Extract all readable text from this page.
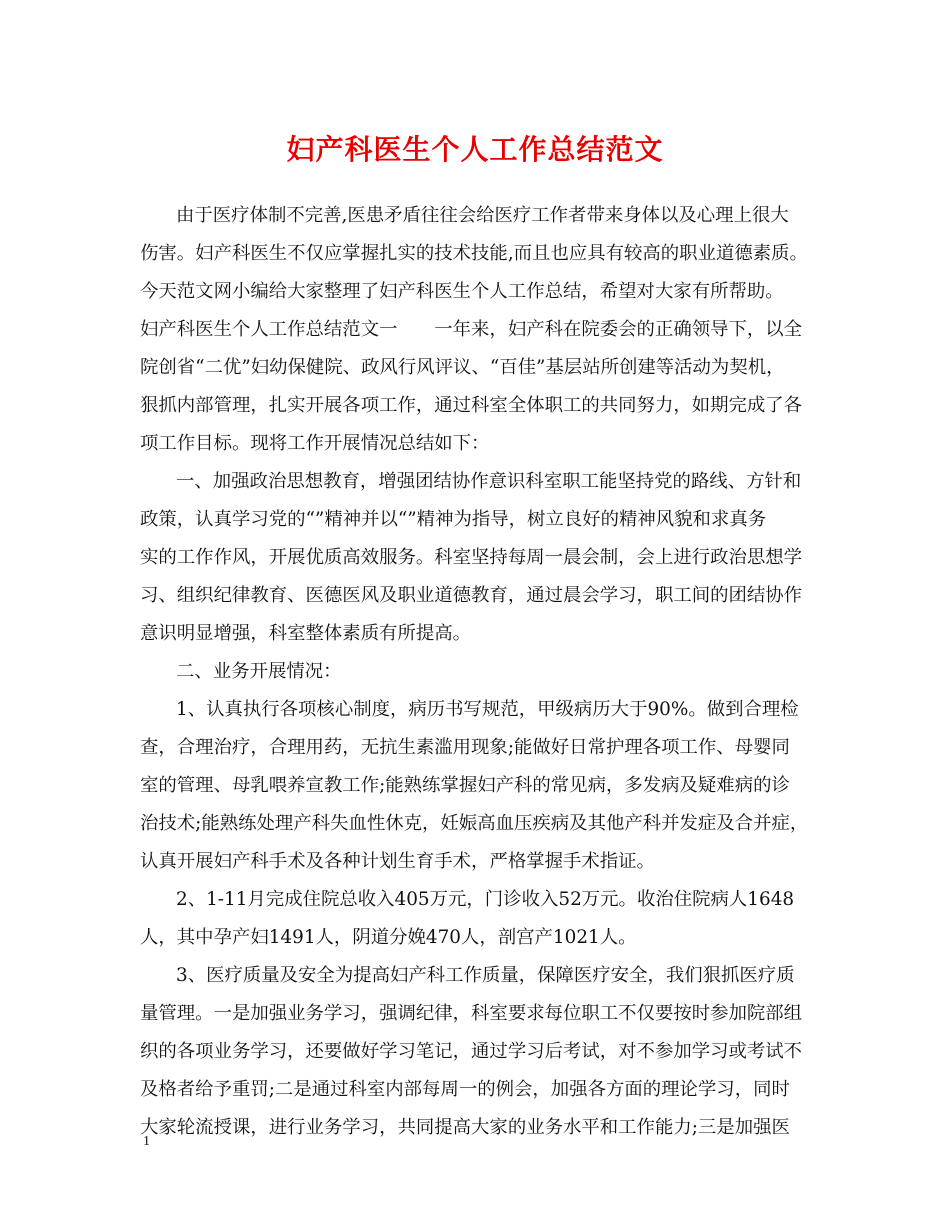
妇产科医生个人工作总结范文
由于医疗体制不完善,医患矛盾往往会给医疗工作者带来身体以及心理上很大
伤害。妇产科医生不仅应掌握扎实的技术技能,而且也应具有较高的职业道德素质。
今天范文网小编给大家整理了妇产科医生个人工作总结，希望对大家有所帮助。
妇产科医生个人工作总结范文一　　一年来，妇产科在院委会的正确领导下，以全
院创省“二优”妇幼保健院、政风行风评议、“百佳”基层站所创建等活动为契机，
狠抓内部管理，扎实开展各项工作，通过科室全体职工的共同努力，如期完成了各
项工作目标。现将工作开展情况总结如下：
一、加强政治思想教育，增强团结协作意识科室职工能坚持党的路线、方针和
政策，认真学习党的“”精神并以“”精神为指导，树立良好的精神风貌和求真务
实的工作作风，开展优质高效服务。科室坚持每周一晨会制，会上进行政治思想学
习、组织纪律教育、医德医风及职业道德教育，通过晨会学习，职工间的团结协作
意识明显增强，科室整体素质有所提高。
二、业务开展情况：
1、认真执行各项核心制度，病历书写规范，甲级病历大于90%。做到合理检
查，合理治疗，合理用药，无抗生素滥用现象;能做好日常护理各项工作、母婴同
室的管理、母乳喂养宣教工作;能熟练掌握妇产科的常见病，多发病及疑难病的诊
治技术;能熟练处理产科失血性休克，妊娠高血压疾病及其他产科并发症及合并症，
认真开展妇产科手术及各种计划生育手术，严格掌握手术指证。
2、1-11月完成住院总收入405万元，门诊收入52万元。收治住院病人1648
人，其中孕产妇1491人，阴道分娩470人，剖宫产1021人。
3、医疗质量及安全为提高妇产科工作质量，保障医疗安全，我们狠抓医疗质
量管理。一是加强业务学习，强调纪律，科室要求每位职工不仅要按时参加院部组
织的各项业务学习，还要做好学习笔记，通过学习后考试，对不参加学习或考试不
及格者给予重罚;二是通过科室内部每周一的例会，加强各方面的理论学习，同时
大家轮流授课，进行业务学习，共同提高大家的业务水平和工作能力;三是加强医
1
